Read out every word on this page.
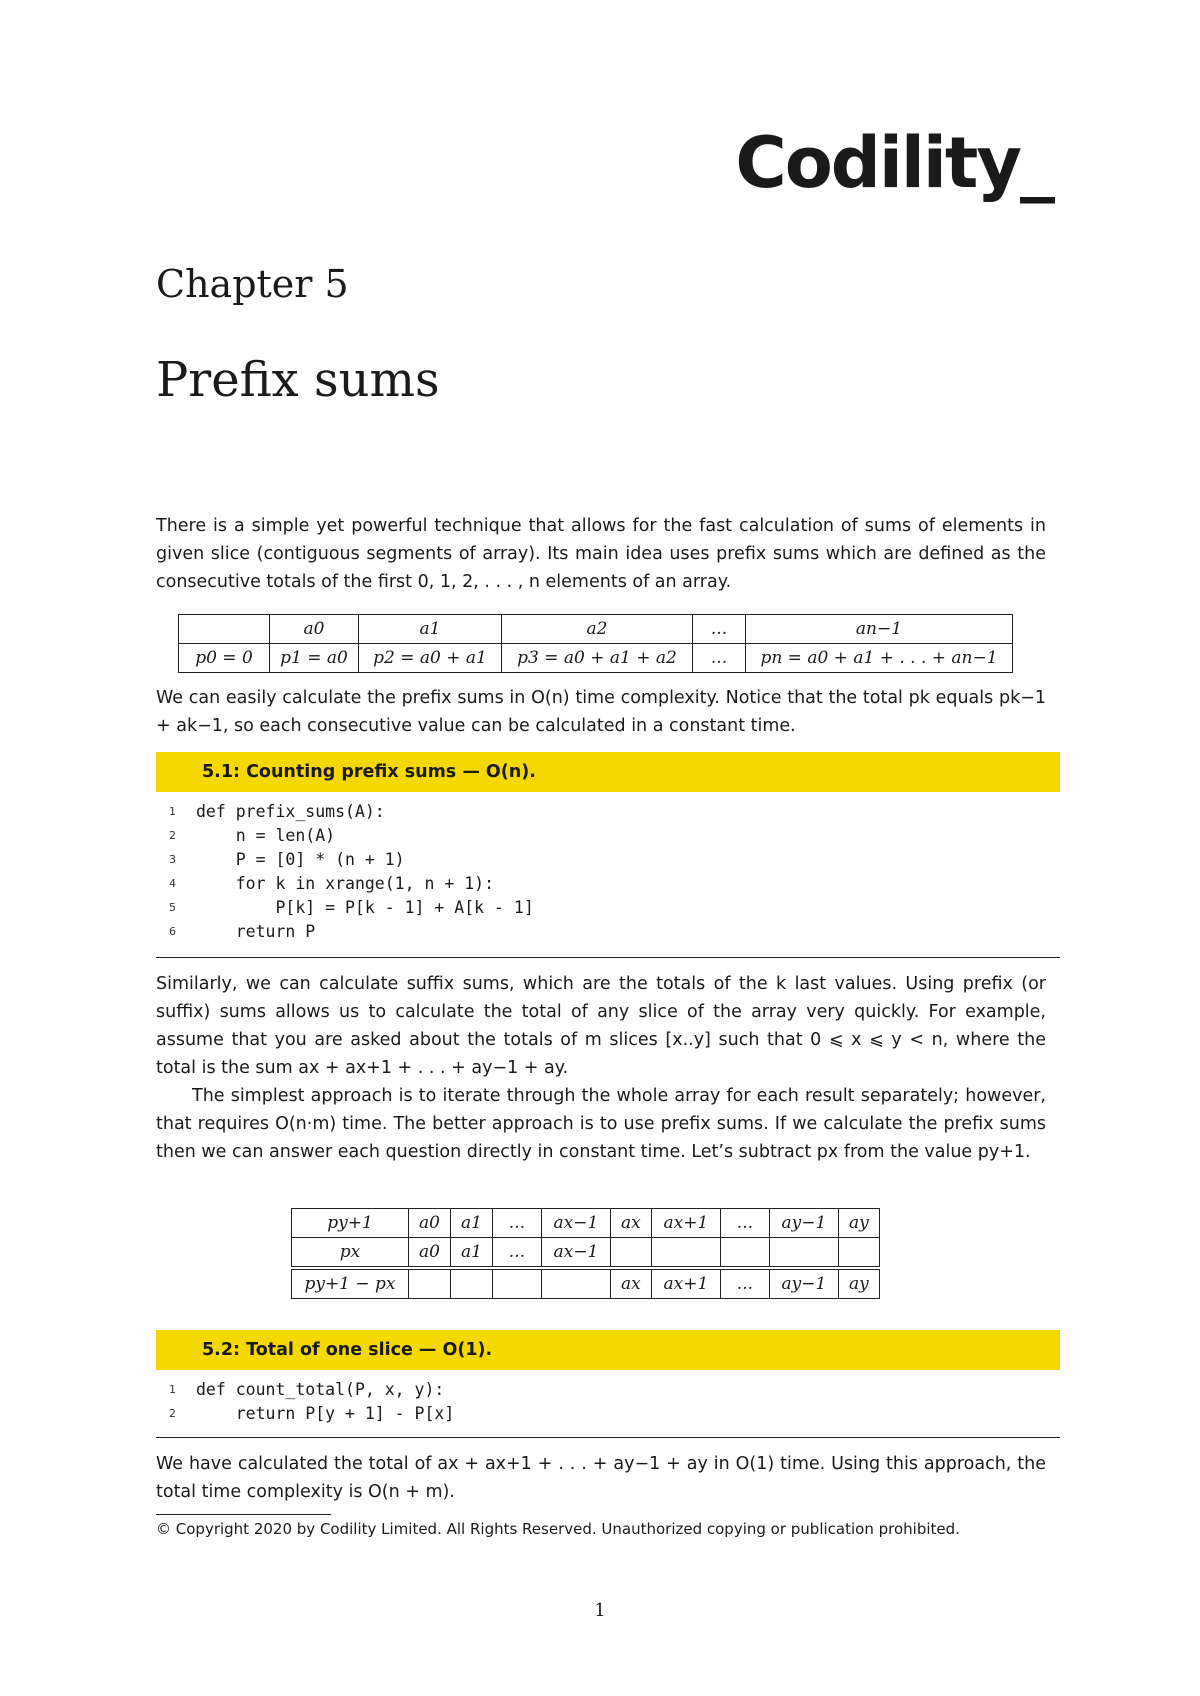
Codility_
Chapter 5
Prefix sums
There is a simple yet powerful technique that allows for the fast calculation of sums of elements in given slice (contiguous segments of array). Its main idea uses prefix sums which are defined as the consecutive totals of the first 0, 1, 2, . . . , n elements of an array.
	a0	a1	a2	...	an−1
p0 = 0	p1 = a0	p2 = a0 + a1	p3 = a0 + a1 + a2	...	pn = a0 + a1 + . . . + an−1
We can easily calculate the prefix sums in O(n) time complexity. Notice that the total pk equals pk−1 + ak−1, so each consecutive value can be calculated in a constant time.
5.1: Counting prefix sums — O(n).
1 def prefix_sums(A):
2 n = len(A)
3 P = [0] * (n + 1)
4 for k in xrange(1, n + 1):
5 P[k] = P[k - 1] + A[k - 1]
6 return P
Similarly, we can calculate suffix sums, which are the totals of the k last values. Using prefix (or suffix) sums allows us to calculate the total of any slice of the array very quickly. For example, assume that you are asked about the totals of m slices [x..y] such that 0 ⩽ x ⩽ y < n, where the total is the sum ax + ax+1 + . . . + ay−1 + ay.
The simplest approach is to iterate through the whole array for each result separately; however, that requires O(n·m) time. The better approach is to use prefix sums. If we calculate the prefix sums then we can answer each question directly in constant time. Let’s subtract px from the value py+1.
py+1	a0	a1	...	ax−1	ax	ax+1	...	ay−1	ay
px	a0	a1	...	ax−1					
py+1 − px					ax	ax+1	...	ay−1	ay
5.2: Total of one slice — O(1).
1 def count_total(P, x, y):
2 return P[y + 1] - P[x]
We have calculated the total of ax + ax+1 + . . . + ay−1 + ay in O(1) time. Using this approach, the total time complexity is O(n + m).
© Copyright 2020 by Codility Limited. All Rights Reserved. Unauthorized copying or publication prohibited.
1
